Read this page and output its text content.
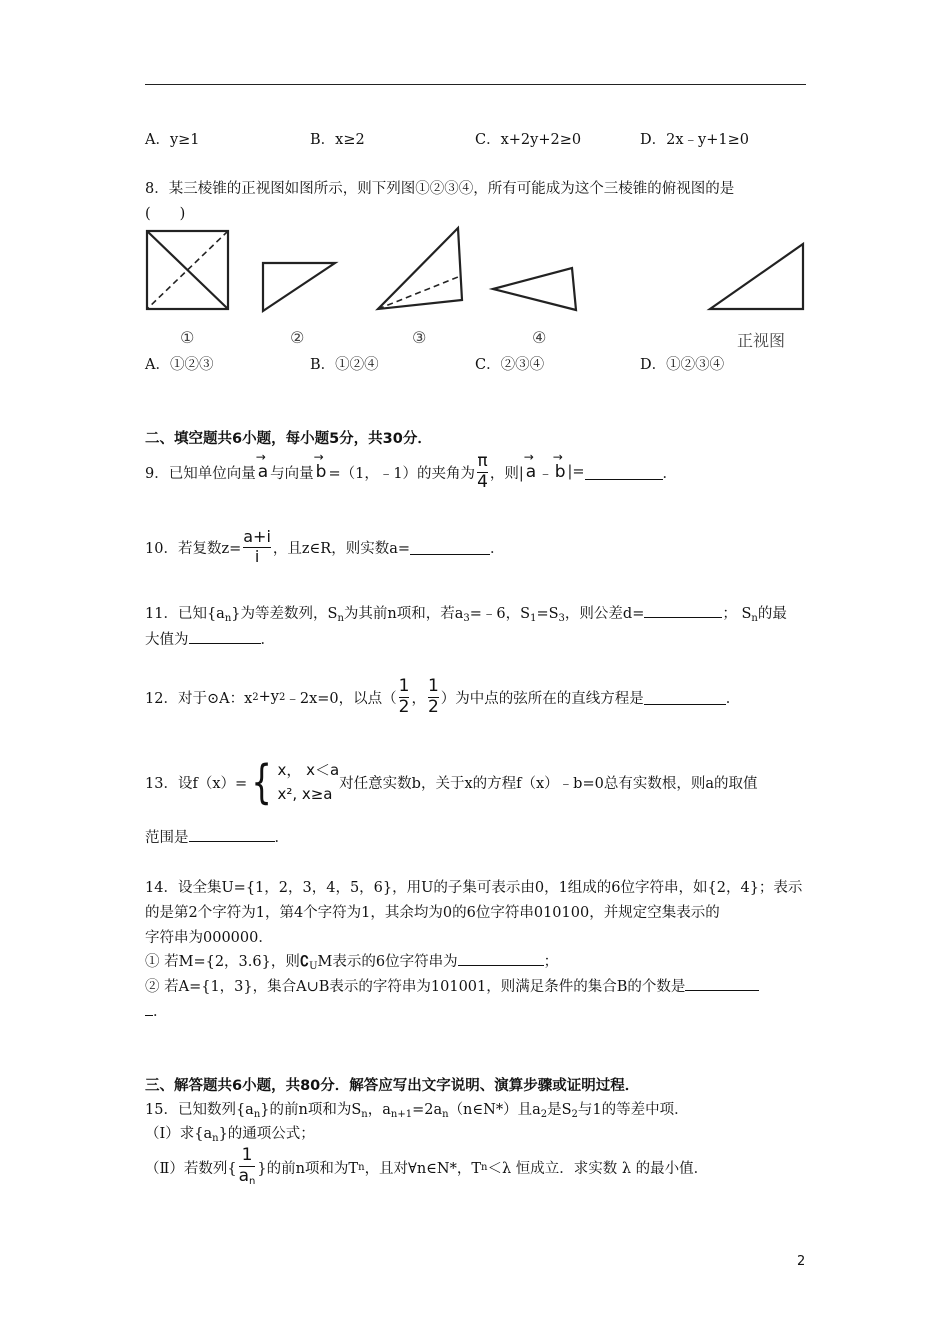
A．y≥1	B．x≥2	C．x+2y+2≥0	D．2x﹣y+1≥0
8．某三棱锥的正视图如图所示，则下列图①②③④，所有可能成为这个三棱锥的俯视图的是
(　　)
①	②	③	④	正视图
A．①②③	B．①②④	C．②③④	D．①②③④
二、填空题共6小题，每小题5分，共30分．
9．已知单位向量 → a 与向量 → b =（1，﹣1）的夹角为 $\frac{\pi}{4}$ ，则| → a ﹣ → b |=	．
10．若复数$z= \frac{a+i}{i}$ ，且z∈R，则实数a=	．
11．已知$\{a_n\}$为等差数列，$S_n$为其前n项和，若$a_3=﹣6$，$S_1=S_3$，则公差d=	； $S_n$的最
大值为	．
12．对于⊙A：x 2 +y 2 ﹣2x=0，以点（ $\frac{1}{2}$ ， $\frac{1}{2}$ ）为中点的弦所在的直线方程是	．
13．设f（x）= { x， x＜a
x², x≥a
对任意实数b，关于x的方程f（x）﹣b=0总有实数根，则a的取值
范围是	．
14．设全集U={1，2，3，4，5，6}，用U的子集可表示由0，1组成的6位字符串，如{2，4}；表示
的是第2个字符为1，第4个字符为1，其余均为0的6位字符串010100，并规定空集表示的
字符串为000000．
① 若M={2，3.6}，则$∁_UM$表示的6位字符串为	；
② 若A={1，3}，集合A∪B表示的字符串为101001，则满足条件的集合B的个数是
．
三、解答题共6小题，共80分．解答应写出文字说明、演算步骤或证明过程．
15．已知数列$\{a_n\}$的前n项和为$S_n$，$a_{n+1}=2a_n(n\in N*)$且$a_2$是$S_2$与1的等差中项．
（Ⅰ）求$\{a_n\}$的通项公式；
（Ⅱ）若数列{ $\frac{1}{a_n}$ }的前n项和为T n ，且对∀n∈N*，T n ＜λ 恒成立．求实数 λ 的最小值．
2
